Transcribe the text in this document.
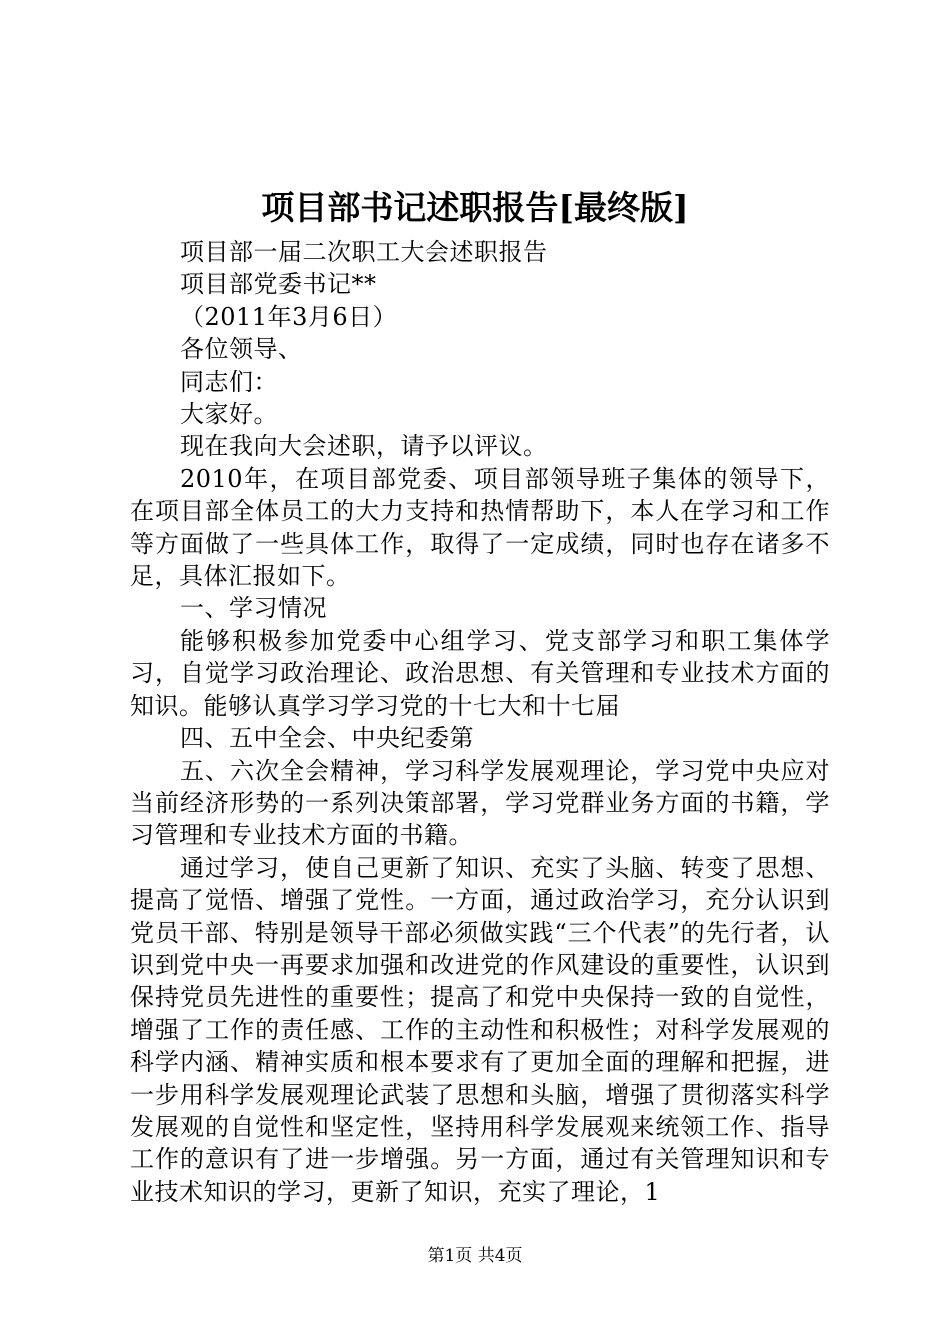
项目部书记述职报告[最终版]

项目部一届二次职工大会述职报告

项目部党委书记**

（2011年3月6日）

各位领导、

同志们：

大家好。

现在我向大会述职，请予以评议。

2010年，在项目部党委、项目部领导班子集体的领导下，在项目部全体员工的大力支持和热情帮助下，本人在学习和工作等方面做了一些具体工作，取得了一定成绩，同时也存在诸多不足，具体汇报如下。

一、学习情况

能够积极参加党委中心组学习、党支部学习和职工集体学习，自觉学习政治理论、政治思想、有关管理和专业技术方面的知识。能够认真学习学习党的十七大和十七届

四、五中全会、中央纪委第

五、六次全会精神，学习科学发展观理论，学习党中央应对当前经济形势的一系列决策部署，学习党群业务方面的书籍，学习管理和专业技术方面的书籍。

通过学习，使自己更新了知识、充实了头脑、转变了思想、提高了觉悟、增强了党性。一方面，通过政治学习，充分认识到党员干部、特别是领导干部必须做实践“三个代表”的先行者，认识到党中央一再要求加强和改进党的作风建设的重要性，认识到保持党员先进性的重要性；提高了和党中央保持一致的自觉性，增强了工作的责任感、工作的主动性和积极性；对科学发展观的科学内涵、精神实质和根本要求有了更加全面的理解和把握，进一步用科学发展观理论武装了思想和头脑，增强了贯彻落实科学发展观的自觉性和坚定性，坚持用科学发展观来统领工作、指导工作的意识有了进一步增强。另一方面，通过有关管理知识和专业技术知识的学习，更新了知识，充实了理论，1

第1页 共4页
